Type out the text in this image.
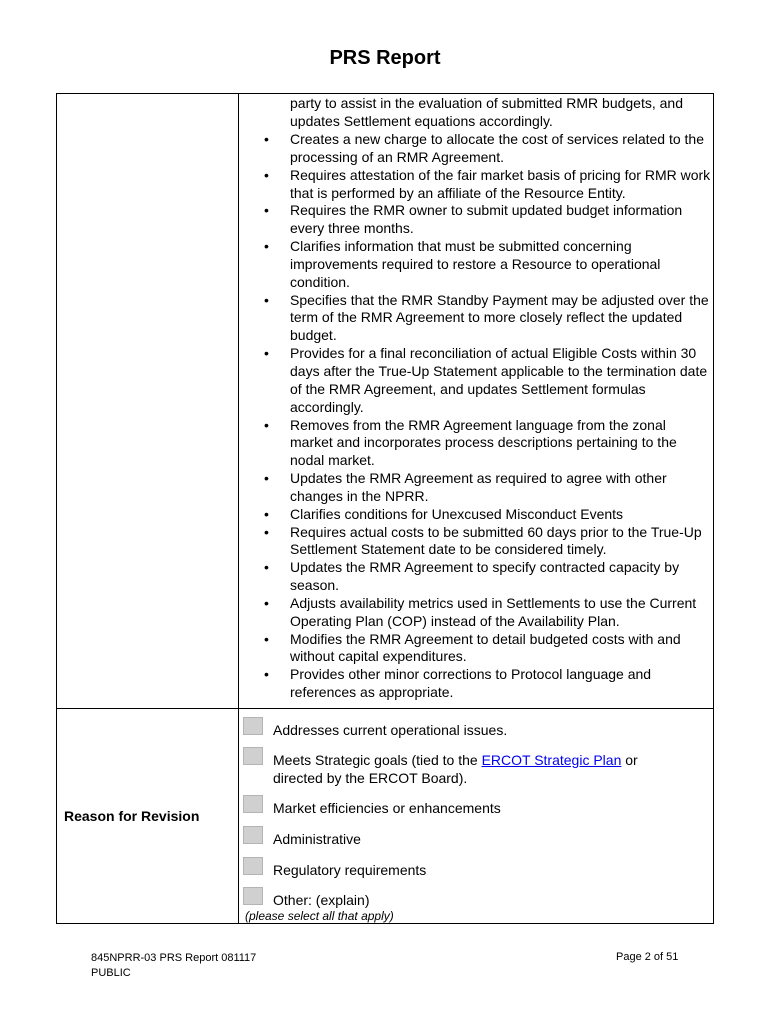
PRS Report
party to assist in the evaluation of submitted RMR budgets, and updates Settlement equations accordingly.
• Creates a new charge to allocate the cost of services related to the processing of an RMR Agreement.
• Requires attestation of the fair market basis of pricing for RMR work that is performed by an affiliate of the Resource Entity.
• Requires the RMR owner to submit updated budget information every three months.
• Clarifies information that must be submitted concerning improvements required to restore a Resource to operational condition.
• Specifies that the RMR Standby Payment may be adjusted over the term of the RMR Agreement to more closely reflect the updated budget.
• Provides for a final reconciliation of actual Eligible Costs within 30 days after the True-Up Statement applicable to the termination date of the RMR Agreement, and updates Settlement formulas accordingly.
• Removes from the RMR Agreement language from the zonal market and incorporates process descriptions pertaining to the nodal market.
• Updates the RMR Agreement as required to agree with other changes in the NPRR.
• Clarifies conditions for Unexcused Misconduct Events
• Requires actual costs to be submitted 60 days prior to the True-Up Settlement Statement date to be considered timely.
• Updates the RMR Agreement to specify contracted capacity by season.
• Adjusts availability metrics used in Settlements to use the Current Operating Plan (COP) instead of the Availability Plan.
• Modifies the RMR Agreement to detail budgeted costs with and without capital expenditures.
• Provides other minor corrections to Protocol language and references as appropriate.
Reason for Revision
Addresses current operational issues.
Meets Strategic goals (tied to the ERCOT Strategic Plan or directed by the ERCOT Board).
Market efficiencies or enhancements
Administrative
Regulatory requirements
Other: (explain)
(please select all that apply)
845NPRR-03 PRS Report 081117
PUBLIC
Page 2 of 51
